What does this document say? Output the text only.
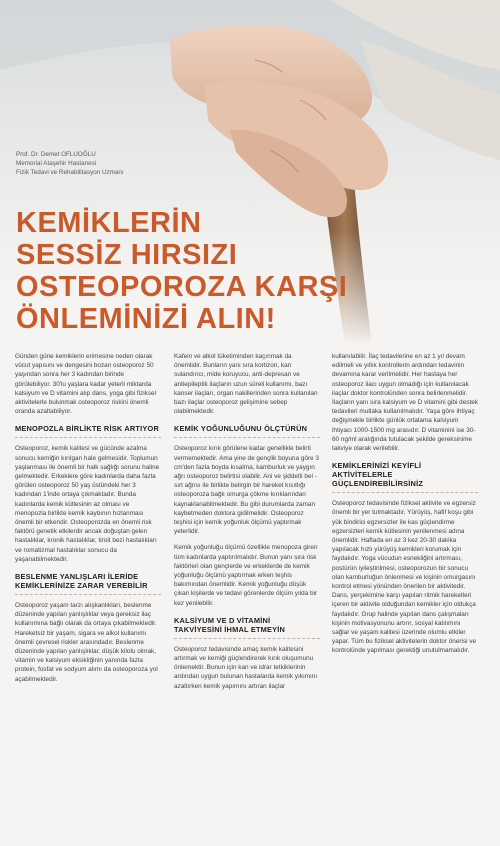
Prof. Dr. Demet OFLUOĞLU
Memorial Ataşehir Hastanesi
Fizik Tedavi ve Rehabilitasyon Uzmanı
KEMİKLERİN
SESSİZ HIRSIZI
OSTEOPOROZA KARŞI
ÖNLEMİNİZİ ALIN!

Günden güne kemiklerin erimesine neden olarak vücut yapısını ve dengesini bozan osteoporoz 50 yaşından sonra her 3 kadından birinde görülebiliyor. 30'lu yaşlara kadar yeterli miktarda kalsiyum ve D vitamini alıp dans, yoga gibi fiziksel aktivitelerle bulunmak osteoporoz riskini önemli oranda azaltabiliyor.

MENOPOZLA BİRLİKTE RİSK ARTIYOR

Osteoporoz, kemik kalitesi ve gücünde azalma sonucu kemiğin kırılgan hale gelmesidir. Toplumun yaşlanması ile önemli bir halk sağlığı sorunu haline gelmektedir. Erkeklere göre kadınlarda daha fazla görülen osteoporoz 50 yaş üstündeki her 3 kadından 1'inde ortaya çıkmaktadır. Bunda kadınlarda kemik kütlesinin az olması ve menopozla birlikte kemik kaybının hızlanması önemli bir etkendir. Osteoporozda en önemli risk faktörü genetik etkilerdir ancak doğuştan gelen hastalıklar, kronik hastalıklar, tiroit bezi hastalıkları ve romatizmal hastalıklar sonucu da yaşanabilmektedir.

BESLENME YANLIŞLARI İLERİDE KEMİKLERİNİZE ZARAR VEREBİLİR

Osteoporoz yaşam tarzı alışkanlıkları, beslenme düzeninde yapılan yanlışlıklar veya gereksiz ilaç kullanımına bağlı olarak da ortaya çıkabilmektedir. Hareketsiz bir yaşam, sigara ve alkol kullanımı önemli çevresel riskler arasındadır. Beslenme düzeninde yapılan yanlışlıklar, düşük kilolu olmak, vitamin ve kalsiyum eksikliğinin yanında fazla protein, fosfat ve sodyum alımı da osteoporoza yol açabilmektedir.

Kafein ve alkol tüketiminden kaçınmak da önemlidir. Bunların yanı sıra kortizon, kan sulandırıcı, mide koruyucu, anti-depresan ve antiepileptik ilaçların uzun süreli kullanımı, bazı kanser ilaçları, organ nakillerinden sonra kullanılan bazı ilaçlar osteoporoz gelişimine sebep olabilmektedir.

KEMİK YOĞUNLUĞUNU ÖLÇTÜRÜN

Osteoporoz kırık görülene kadar genellikle belirti vermemektedir. Ama yine de gençlik boyuna göre 3 cm'den fazla boyda kısalma, kamburluk ve yaygın ağrı osteoporoz belirtisi olabilir. Ani ve şiddetli bel - sırt ağrısı ile birlikte belirgin bir hareket kısıtlığı osteoporoza bağlı omurga çökme kırıklarından kaynaklanabilmektedir. Bu gibi durumlarda zaman kaybetmeden doktora gidilmelidir. Osteoporoz teşhisi için kemik yoğunluk ölçümü yaptırmak yeterlidir.

Kemik yoğunluğu ölçümü özellikle menopoza giren tüm kadınlarda yaptırılmalıdır. Bunun yanı sıra risk faktörleri olan gençlerde ve erkeklerde de kemik yoğunluğu ölçümü yaptırmak erken teşhis bakımından önemlidir. Kemik yoğunluğu düşük çıkan kişilerde ve tedavi görenlerde ölçüm yılda bir kez yenilebilir.

KALSİYUM VE D VİTAMİNİ TAKVİYESİNİ İHMAL ETMEYİN

Osteoporoz tedavisinde amaç kemik kalitesini artırmak ve kemiği güçlendirerek kırık oluşumunu önlemektir. Bunun için kan ve idrar tetkiklerinin ardından uygun bulunan hastalarda kemik yıkımını azaltırken kemik yapımını artıran ilaçlar

kullanılabilir. İlaç tedavilerine en az 1 yıl devam edilmeli ve yıllık kontrollerin ardından tedavinin devamına karar verilmelidir. Her hastaya her osteoporoz ilacı uygun olmadığı için kullanılacak ilaçlar doktor kontrolünden sonra belirlenmelidir. İlaçların yanı sıra kalsiyum ve D vitamini gibi destek tedavileri mutlaka kullanılmalıdır. Yaşa göre ihtiyaç değişmekle birlikte günlük ortalama kalsiyum ihtiyacı 1000-1500 mg arasıdır. D vitaminini ise 30-60 ng/ml aralığında tutulacak şekilde gereksinime takviye olarak verilebilir.

KEMİKLERİNİZİ KEYİFLİ AKTİVİTELERLE GÜÇLENDİREBİLİRSİNİZ

Osteoporoz tedavisinde fiziksel aktivite ve egzersiz önemli bir yer tutmaktadır. Yürüyüş, hafif koşu gibi yük bindirici egzersizler ile kas güçlendirme egzersizleri kemik kütlesinin yenilenmesi adına önemlidir. Haftada en az 3 kez 20-30 dakika yapılacak hızlı yürüyüş kemikleri korumak için faydalıdır. Yoga vücudun esnekliğini artırması, postürün iyileştirilmesi, osteoporozun bir sonucu olan kamburluğun önlenmesi ve kişinin omurgasını kontrol etmesi yönünden önerilen bir aktivitedir. Dans, yerçekimine karşı yapılan ritmik hareketleri içeren bir aktivite olduğundan kemikler için oldukça faydalıdır. Grup halinde yapılan dans çalışmaları kişinin motivasyonunu artırır, sosyal katılımını sağlar ve yaşam kalitesi üzerinde olumlu etkiler yapar. Tüm bu fiziksel aktivitelerin doktor önerisi ve kontrolünde yapılması gerektiği unutulmamalıdır.
